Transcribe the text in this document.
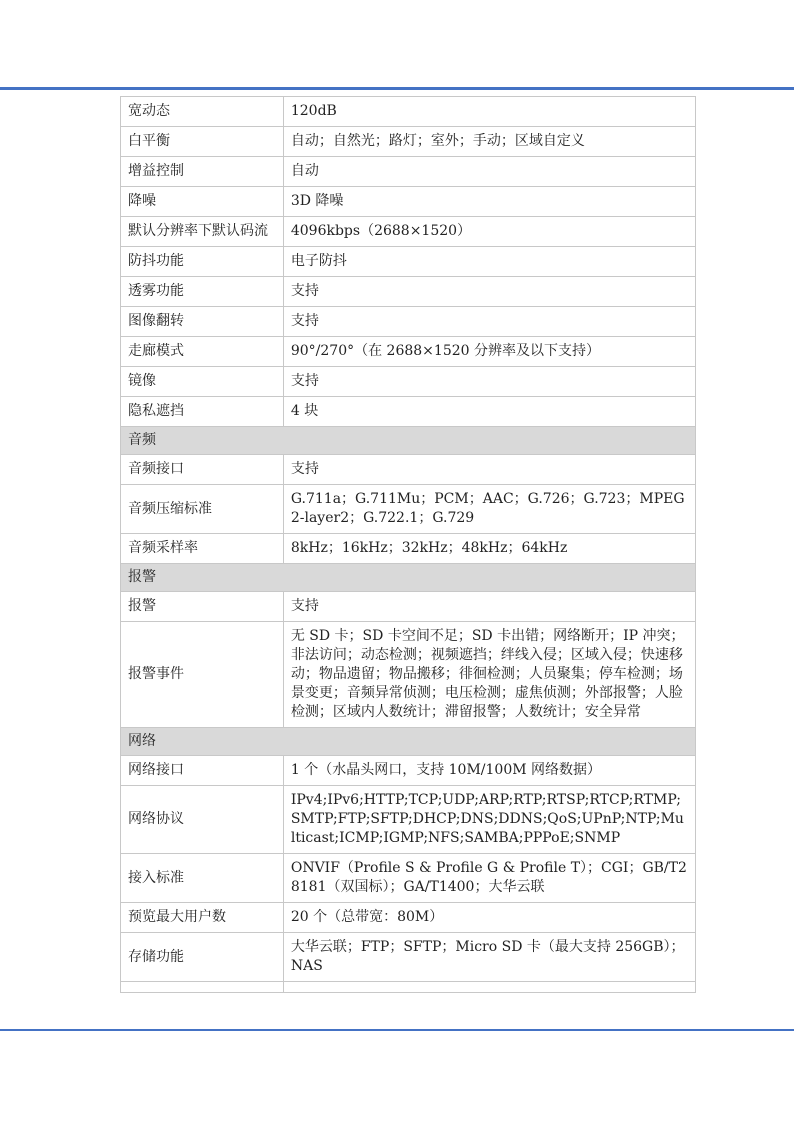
宽动态	120dB
白平衡	自动；自然光；路灯；室外；手动；区域自定义
增益控制	自动
降噪	3D 降噪
默认分辨率下默认码流	4096kbps（2688×1520）
防抖功能	电子防抖
透雾功能	支持
图像翻转	支持
走廊模式	90°/270°（在 2688×1520 分辨率及以下支持）
镜像	支持
隐私遮挡	4 块
音频	
音频接口	支持
音频压缩标准	G.711a；G.711Mu；PCM；AAC；G.726；G.723；MPEG2-layer2；G.722.1；G.729
音频采样率	8kHz；16kHz；32kHz；48kHz；64kHz
报警	
报警	支持
报警事件	无 SD 卡；SD 卡空间不足；SD 卡出错；网络断开；IP 冲突；非法访问；动态检测；视频遮挡；绊线入侵；区域入侵；快速移动；物品遗留；物品搬移；徘徊检测；人员聚集；停车检测；场景变更；音频异常侦测；电压检测；虚焦侦测；外部报警；人脸检测；区域内人数统计；滞留报警；人数统计；安全异常
网络	
网络接口	1 个（水晶头网口，支持 10M/100M 网络数据）
网络协议	IPv4;IPv6;HTTP;TCP;UDP;ARP;RTP;RTSP;RTCP;RTMP;SMTP;FTP;SFTP;DHCP;DNS;DDNS;QoS;UPnP;NTP;Multicast;ICMP;IGMP;NFS;SAMBA;PPPoE;SNMP
接入标准	ONVIF（Profile S & Profile G & Profile T）；CGI；GB/T28181（双国标）；GA/T1400；大华云联
预览最大用户数	20 个（总带宽：80M）
存储功能	大华云联；FTP；SFTP；Micro SD 卡（最大支持 256GB）；NAS
